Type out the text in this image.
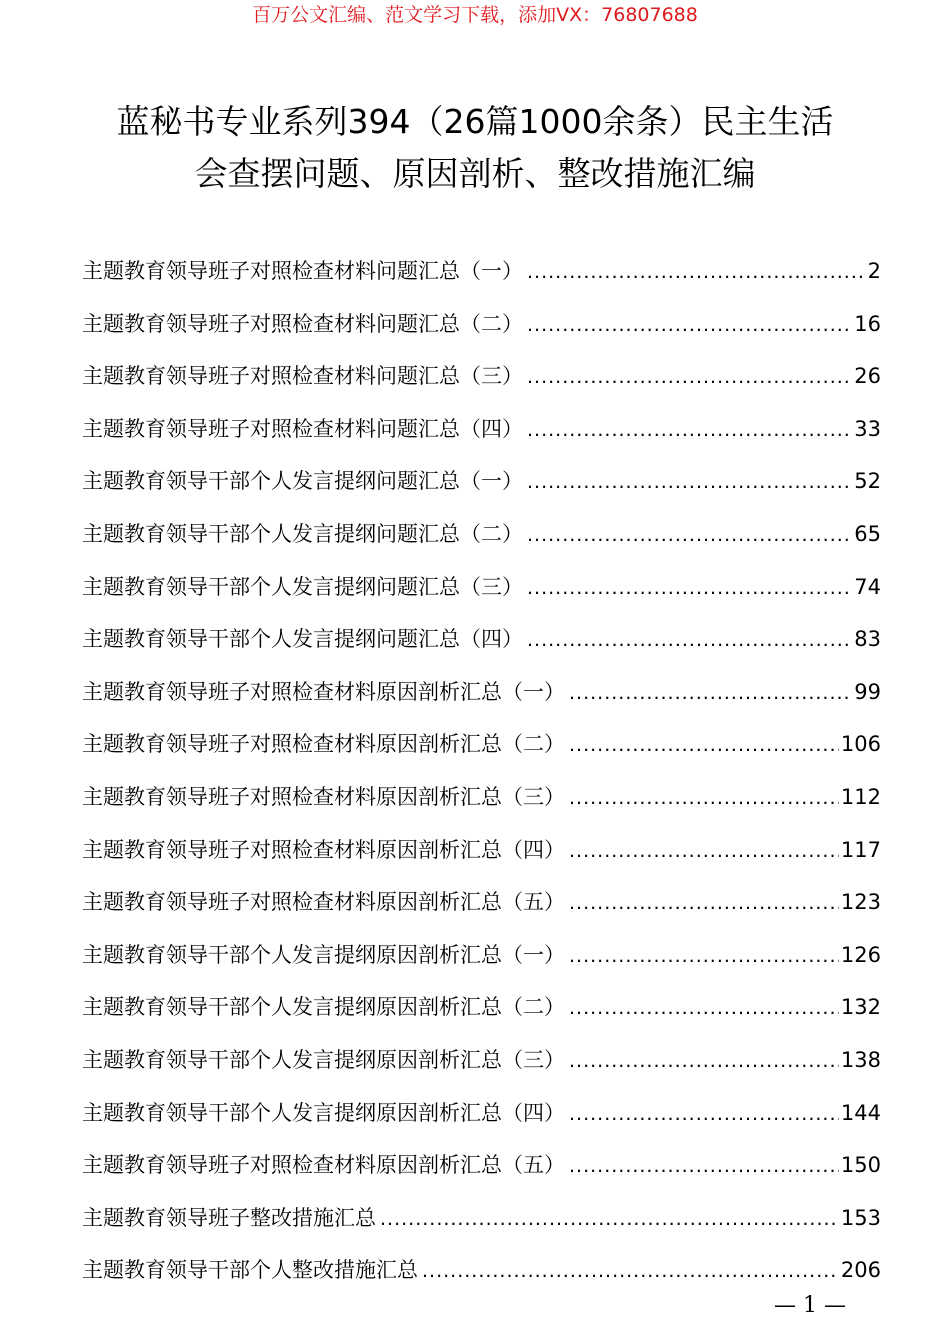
百万公文汇编、范文学习下载，添加VX：76807688
蓝秘书专业系列394（26篇1000余条）民主生活
会查摆问题、原因剖析、整改措施汇编
主题教育领导班子对照检查材料问题汇总（一） .....	2
主题教育领导班子对照检查材料问题汇总（二） .....	16
主题教育领导班子对照检查材料问题汇总（三） .....	26
主题教育领导班子对照检查材料问题汇总（四） .....	33
主题教育领导干部个人发言提纲问题汇总（一） .....	52
主题教育领导干部个人发言提纲问题汇总（二） .....	65
主题教育领导干部个人发言提纲问题汇总（三） .....	74
主题教育领导干部个人发言提纲问题汇总（四） .....	83
主题教育领导班子对照检查材料原因剖析汇总（一） .....	99
主题教育领导班子对照检查材料原因剖析汇总（二） .....	106
主题教育领导班子对照检查材料原因剖析汇总（三） .....	112
主题教育领导班子对照检查材料原因剖析汇总（四） .....	117
主题教育领导班子对照检查材料原因剖析汇总（五） .....	123
主题教育领导干部个人发言提纲原因剖析汇总（一） .....	126
主题教育领导干部个人发言提纲原因剖析汇总（二） .....	132
主题教育领导干部个人发言提纲原因剖析汇总（三） .....	138
主题教育领导干部个人发言提纲原因剖析汇总（四） .....	144
主题教育领导班子对照检查材料原因剖析汇总（五） .....	150
主题教育领导班子整改措施汇总 .....	153
主题教育领导干部个人整改措施汇总 .....	206
— 1 —
